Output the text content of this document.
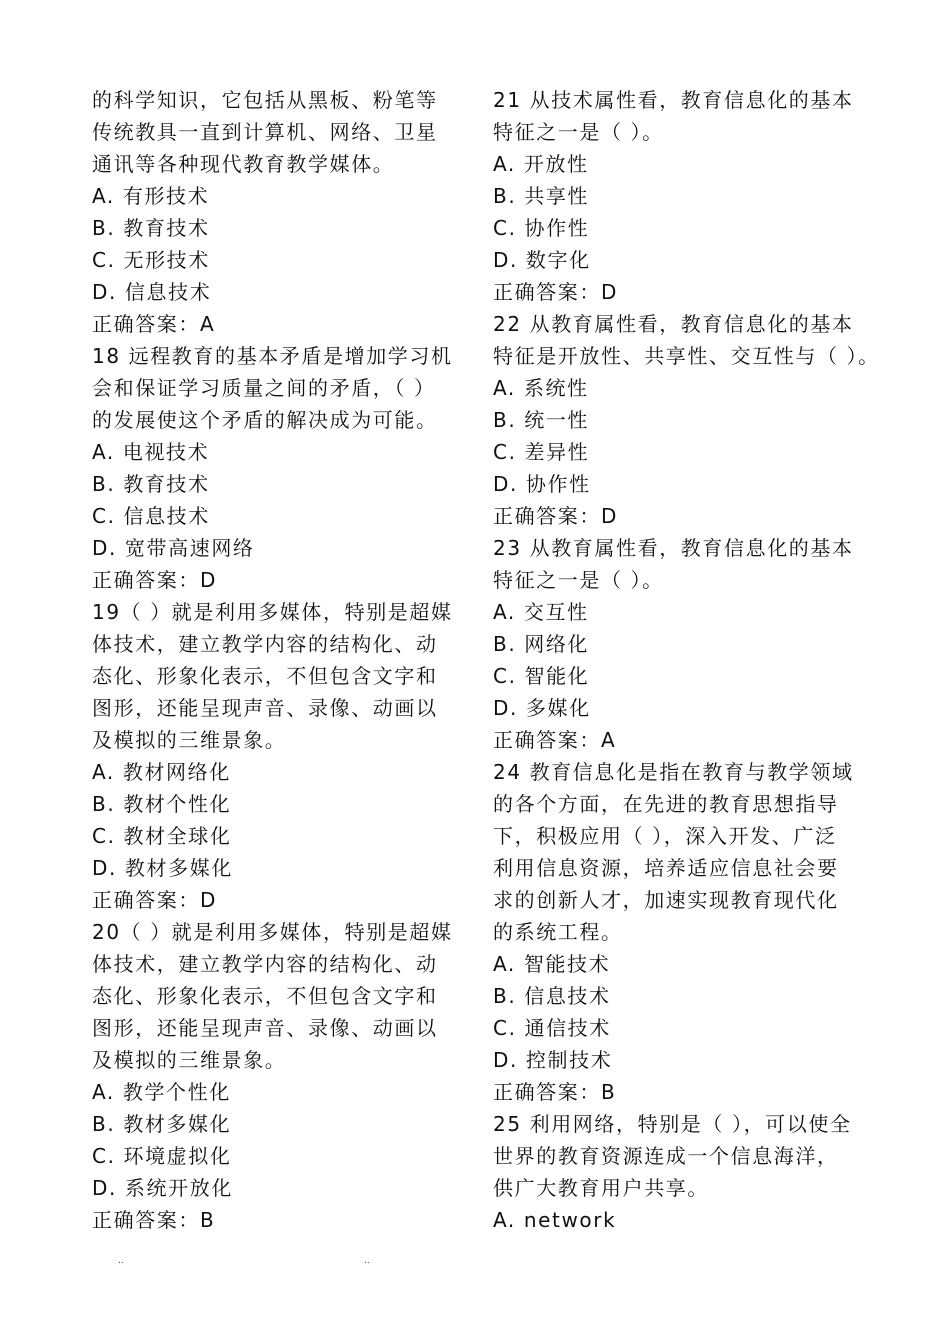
的科学知识，它包括从黑板、粉笔等
传统教具一直到计算机、网络、卫星
通讯等各种现代教育教学媒体。
A. 有形技术
B. 教育技术
C. 无形技术
D. 信息技术
正确答案：A
18 远程教育的基本矛盾是增加学习机
会和保证学习质量之间的矛盾，（ ）
的发展使这个矛盾的解决成为可能。
A. 电视技术
B. 教育技术
C. 信息技术
D. 宽带高速网络
正确答案：D
19（ ）就是利用多媒体，特别是超媒
体技术，建立教学内容的结构化、动
态化、形象化表示，不但包含文字和
图形，还能呈现声音、录像、动画以
及模拟的三维景象。
A. 教材网络化
B. 教材个性化
C. 教材全球化
D. 教材多媒化
正确答案：D
20（ ）就是利用多媒体，特别是超媒
体技术，建立教学内容的结构化、动
态化、形象化表示，不但包含文字和
图形，还能呈现声音、录像、动画以
及模拟的三维景象。
A. 教学个性化
B. 教材多媒化
C. 环境虚拟化
D. 系统开放化
正确答案：B
21 从技术属性看，教育信息化的基本
特征之一是（ ）。
A. 开放性
B. 共享性
C. 协作性
D. 数字化
正确答案：D
22 从教育属性看，教育信息化的基本
特征是开放性、共享性、交互性与（ ）。
A. 系统性
B. 统一性
C. 差异性
D. 协作性
正确答案：D
23 从教育属性看，教育信息化的基本
特征之一是（ ）。
A. 交互性
B. 网络化
C. 智能化
D. 多媒化
正确答案：A
24 教育信息化是指在教育与教学领域
的各个方面，在先进的教育思想指导
下，积极应用（ ），深入开发、广泛
利用信息资源，培养适应信息社会要
求的创新人才，加速实现教育现代化
的系统工程。
A. 智能技术
B. 信息技术
C. 通信技术
D. 控制技术
正确答案：B
25 利用网络，特别是（ ），可以使全
世界的教育资源连成一个信息海洋，
供广大教育用户共享。
A. network
..	..
